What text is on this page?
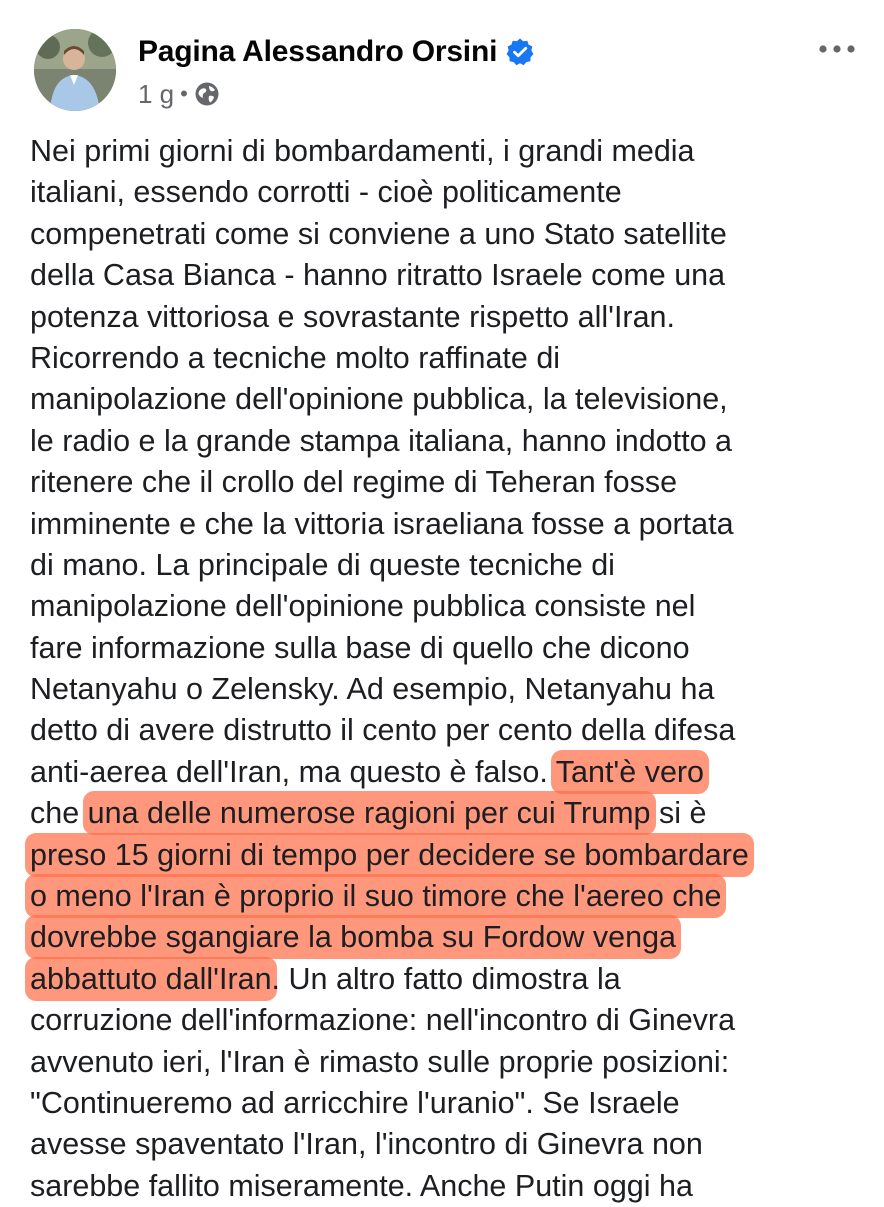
Pagina Alessandro Orsini
1 g •
Nei primi giorni di bombardamenti, i grandi media
italiani, essendo corrotti - cioè politicamente
compenetrati come si conviene a uno Stato satellite
della Casa Bianca - hanno ritratto Israele come una
potenza vittoriosa e sovrastante rispetto all'Iran.
Ricorrendo a tecniche molto raffinate di
manipolazione dell'opinione pubblica, la televisione,
le radio e la grande stampa italiana, hanno indotto a
ritenere che il crollo del regime di Teheran fosse
imminente e che la vittoria israeliana fosse a portata
di mano. La principale di queste tecniche di
manipolazione dell'opinione pubblica consiste nel
fare informazione sulla base di quello che dicono
Netanyahu o Zelensky. Ad esempio, Netanyahu ha
detto di avere distrutto il cento per cento della difesa
anti-aerea dell'Iran, ma questo è falso. Tant'è vero
che una delle numerose ragioni per cui Trump si è
preso 15 giorni di tempo per decidere se bombardare
o meno l'Iran è proprio il suo timore che l'aereo che
dovrebbe sgangiare la bomba su Fordow venga
abbattuto dall'Iran. Un altro fatto dimostra la
corruzione dell'informazione: nell'incontro di Ginevra
avvenuto ieri, l'Iran è rimasto sulle proprie posizioni:
"Continueremo ad arricchire l'uranio". Se Israele
avesse spaventato l'Iran, l'incontro di Ginevra non
sarebbe fallito miseramente. Anche Putin oggi ha
